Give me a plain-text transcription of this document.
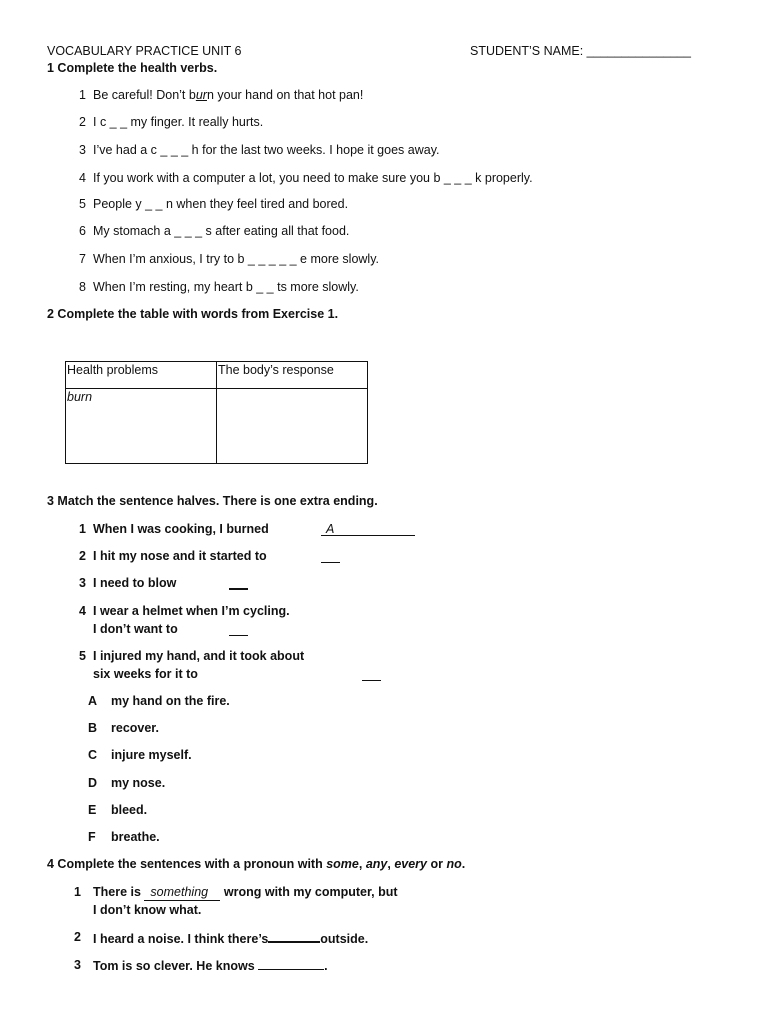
VOCABULARY PRACTICE UNIT 6	STUDENT’S NAME: _______________
1 Complete the health verbs.
1 Be careful! Don’t burn your hand on that hot pan!
2 I c _ _ my finger. It really hurts.
3 I’ve had a c _ _ _ h for the last two weeks. I hope it goes away.
4 If you work with a computer a lot, you need to make sure you b _ _ _ k properly.
5 People y _ _ n when they feel tired and bored.
6 My stomach a _ _ _ s after eating all that food.
7 When I’m anxious, I try to b _ _ _ _ _ e more slowly.
8 When I’m resting, my heart b _ _ ts more slowly.
2 Complete the table with words from Exercise 1.
Health problems	The body’s response
burn	
3 Match the sentence halves. There is one extra ending.
1 When I was cooking, I burned	A
2 I hit my nose and it started to
3 I need to blow
4 I wear a helmet when I’m cycling.
I don’t want to
5 I injured my hand, and it took about
six weeks for it to
A my hand on the fire.
B recover.
C injure myself.
D my nose.
E bleed.
F breathe.
4 Complete the sentences with a pronoun with some, any, every or no.
1 There is something wrong with my computer, but
I don’t know what.
2 I heard a noise. I think there’s	outside.
3 Tom is so clever. He knows	.
